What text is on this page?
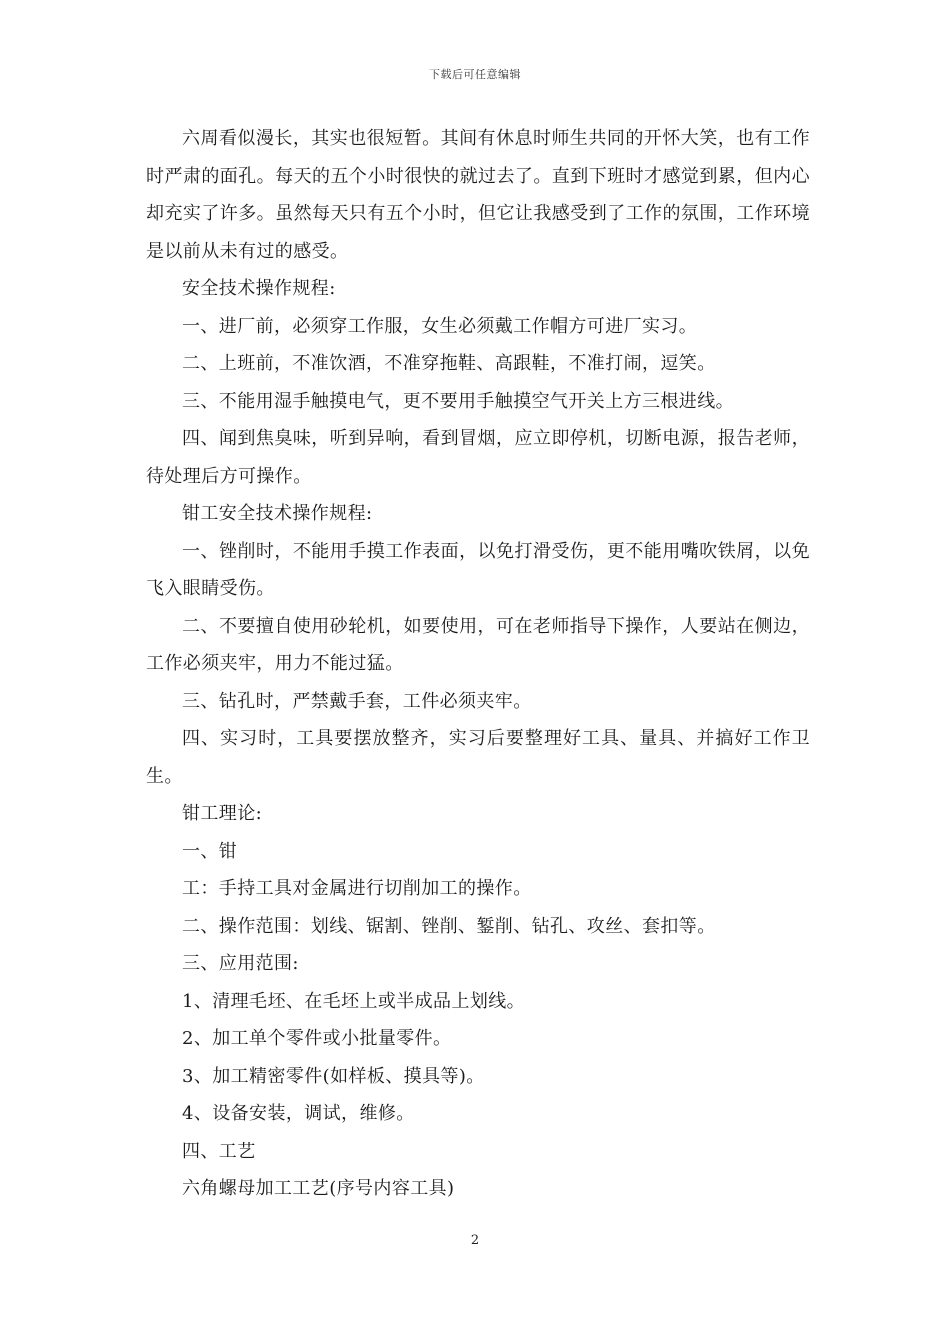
下载后可任意编辑

六周看似漫长，其实也很短暂。其间有休息时师生共同的开怀大笑，也有工作时严肃的面孔。每天的五个小时很快的就过去了。直到下班时才感觉到累，但内心却充实了许多。虽然每天只有五个小时，但它让我感受到了工作的氛围，工作环境是以前从未有过的感受。

安全技术操作规程:

一、进厂前，必须穿工作服，女生必须戴工作帽方可进厂实习。

二、上班前，不准饮酒，不准穿拖鞋、高跟鞋，不准打闹，逗笑。

三、不能用湿手触摸电气，更不要用手触摸空气开关上方三根进线。

四、闻到焦臭味，听到异响，看到冒烟，应立即停机，切断电源，报告老师，待处理后方可操作。

钳工安全技术操作规程:

一、锉削时，不能用手摸工作表面，以免打滑受伤，更不能用嘴吹铁屑，以免飞入眼睛受伤。

二、不要擅自使用砂轮机，如要使用，可在老师指导下操作，人要站在侧边，工作必须夹牢，用力不能过猛。

三、钻孔时，严禁戴手套，工件必须夹牢。

四、实习时，工具要摆放整齐，实习后要整理好工具、量具、并搞好工作卫生。

钳工理论:

一、钳

工：手持工具对金属进行切削加工的操作。

二、操作范围：划线、锯割、锉削、錾削、钻孔、攻丝、套扣等。

三、应用范围:

1、清理毛坯、在毛坯上或半成品上划线。

2、加工单个零件或小批量零件。

3、加工精密零件(如样板、摸具等)。

4、设备安装，调试，维修。

四、工艺

六角螺母加工工艺(序号内容工具)

2
